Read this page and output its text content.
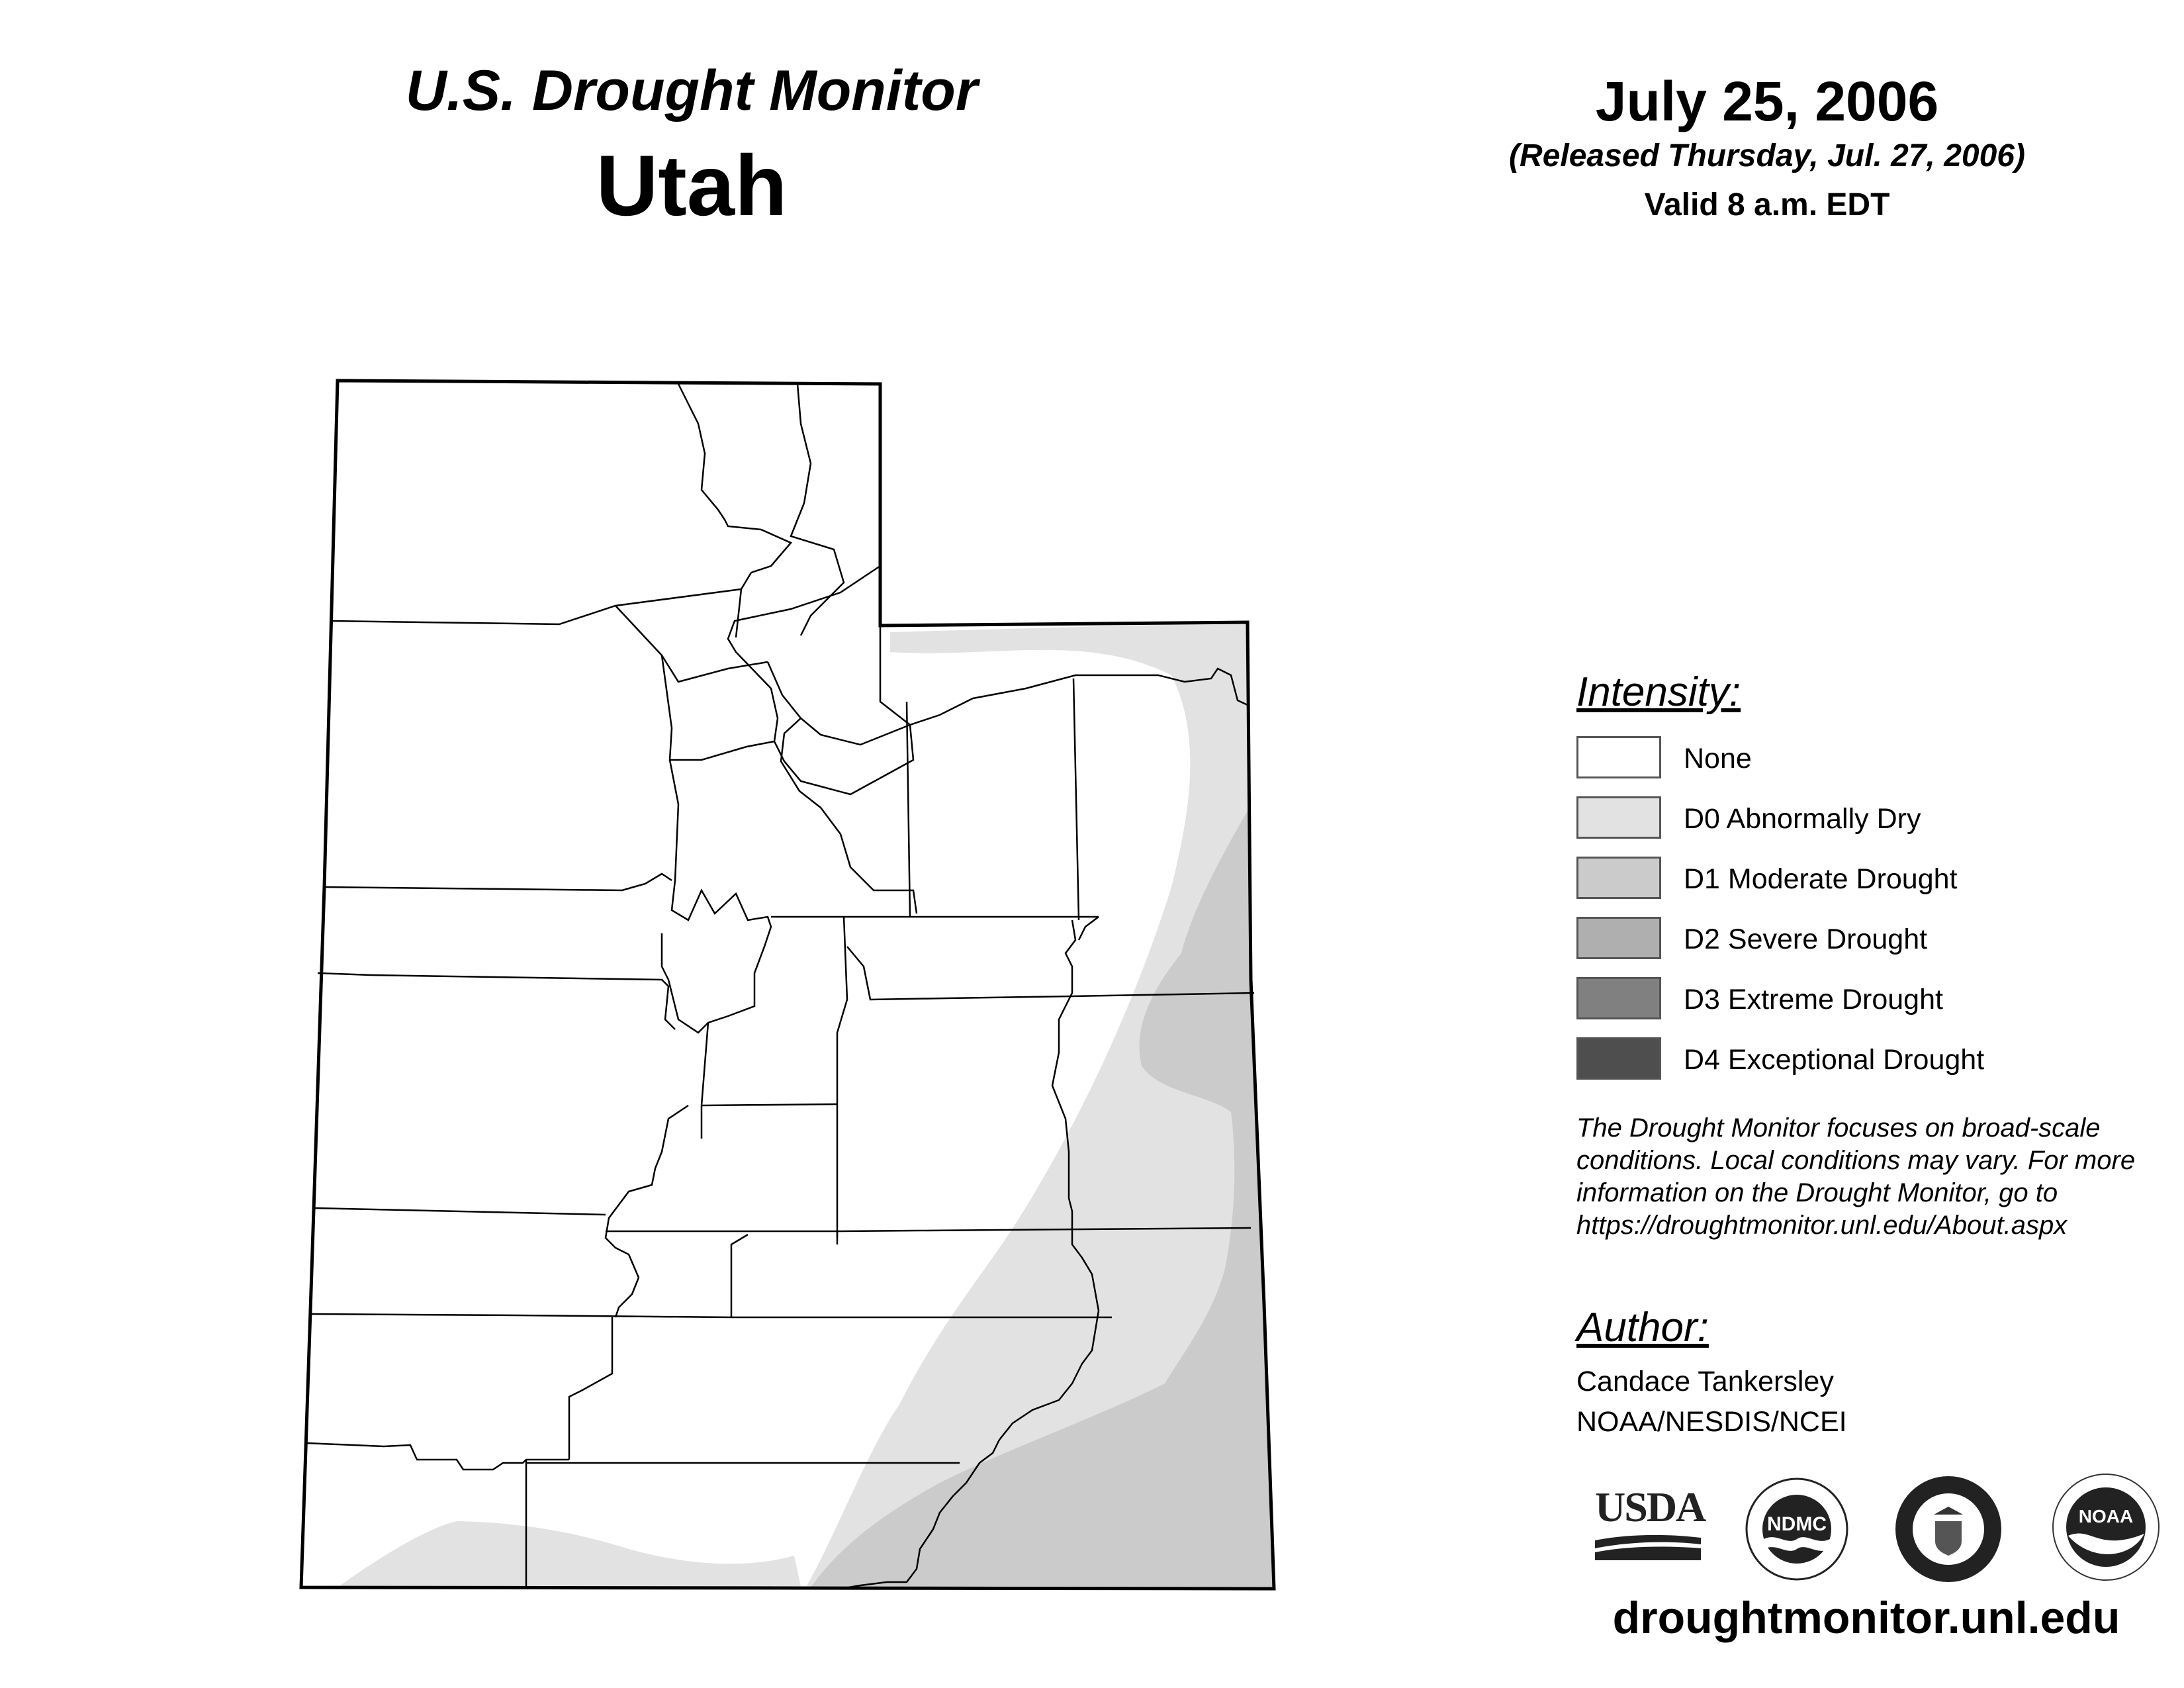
U.S. Drought Monitor
Utah
July 25, 2006
(Released Thursday, Jul. 27, 2006)
Valid 8 a.m. EDT
Intensity:
None
D0 Abnormally Dry
D1 Moderate Drought
D2 Severe Drought
D3 Extreme Drought
D4 Exceptional Drought
The Drought Monitor focuses on broad-scale
conditions. Local conditions may vary. For more
information on the Drought Monitor, go to
https://droughtmonitor.unl.edu/About.aspx
Author:
Candace Tankersley
NOAA/NESDIS/NCEI
USDA	NDMC	NOAA
droughtmonitor.unl.edu
